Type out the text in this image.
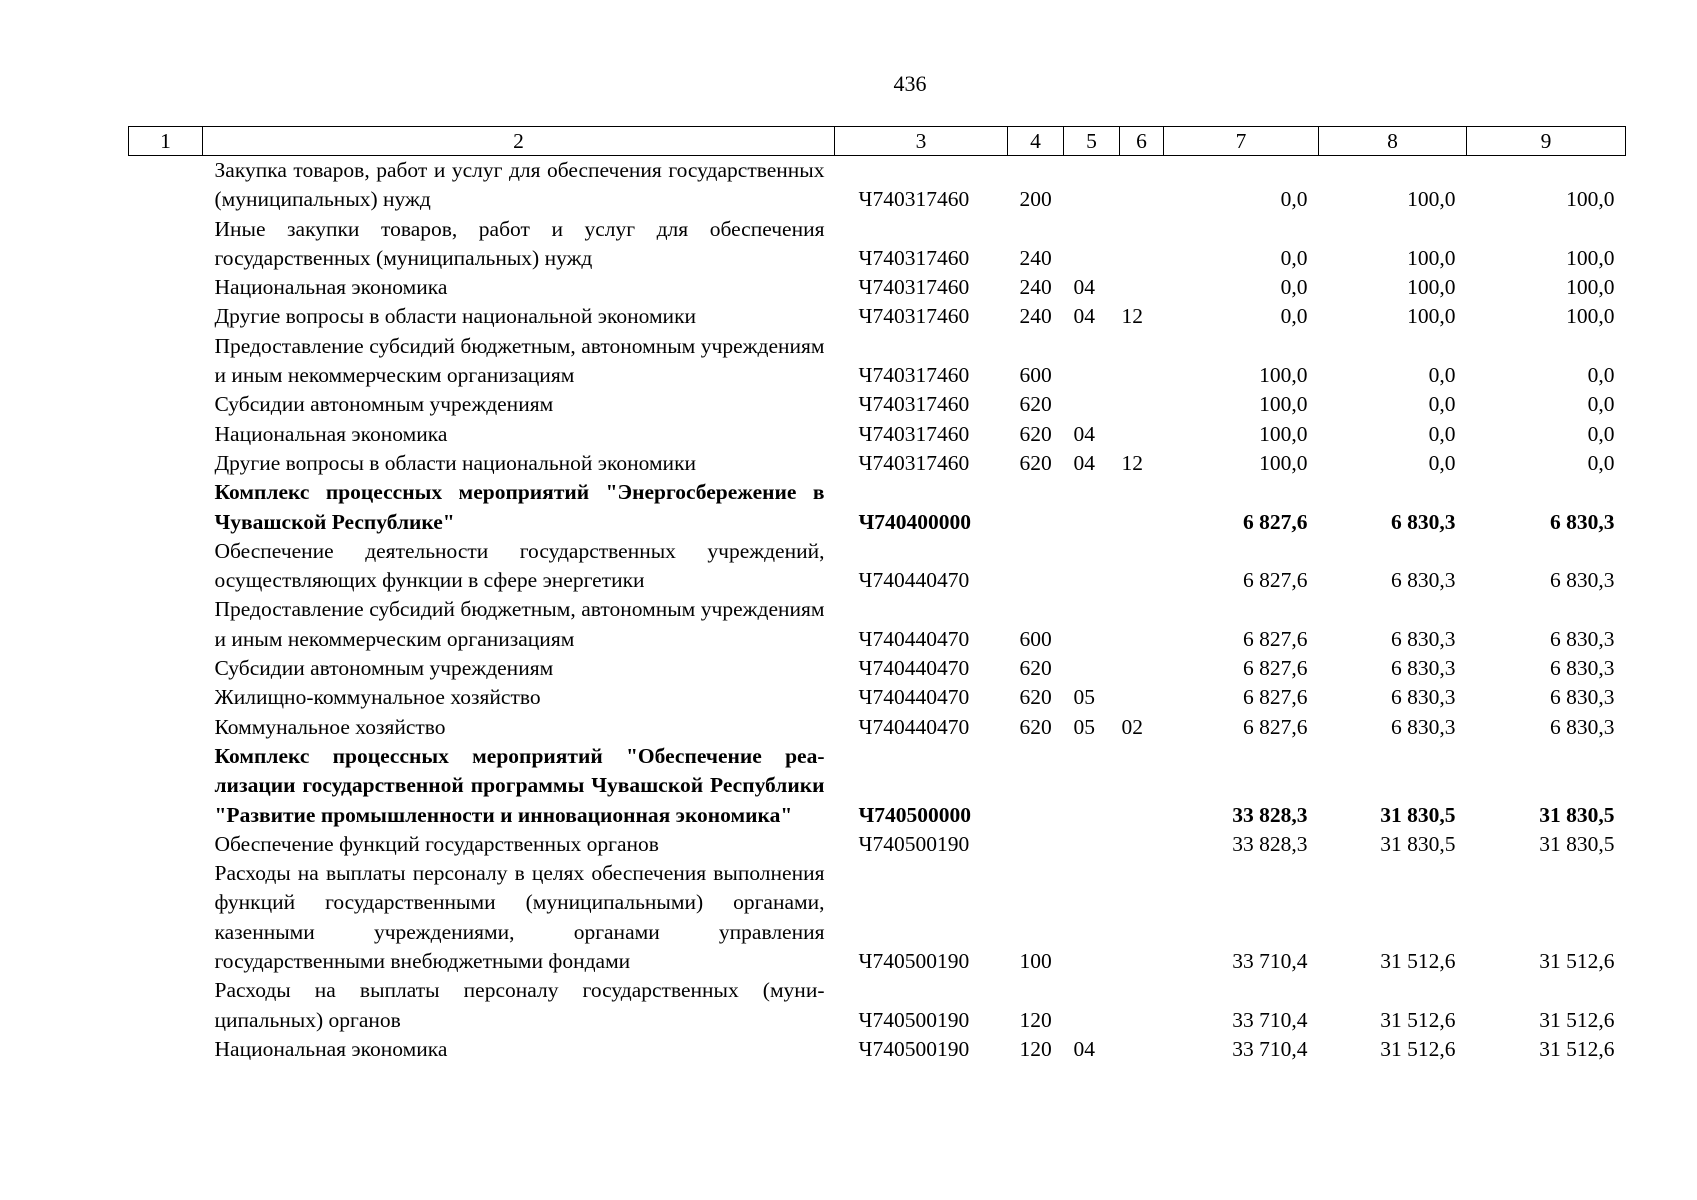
436
1	2	3	4	5	6	7	8	9
	Закупка товаров, работ и услуг для обеспечения государственных (муниципальных) нужд	Ч740317460	200			0,0	100,0	100,0
	Иные закупки товаров, работ и услуг для обеспечения государственных (муниципальных) нужд	Ч740317460	240			0,0	100,0	100,0
	Национальная экономика	Ч740317460	240	04		0,0	100,0	100,0
	Другие вопросы в области национальной экономики	Ч740317460	240	04	12	0,0	100,0	100,0
	Предоставление субсидий бюджетным, автономным учреждениям и иным некоммерческим организациям	Ч740317460	600			100,0	0,0	0,0
	Субсидии автономным учреждениям	Ч740317460	620			100,0	0,0	0,0
	Национальная экономика	Ч740317460	620	04		100,0	0,0	0,0
	Другие вопросы в области национальной экономики	Ч740317460	620	04	12	100,0	0,0	0,0
	Комплекс процессных мероприятий "Энергосбережение в Чувашской Республике"	Ч740400000				6 827,6	6 830,3	6 830,3
	Обеспечение деятельности государственных учреждений, осуществляющих функции в сфере энергетики	Ч740440470				6 827,6	6 830,3	6 830,3
	Предоставление субсидий бюджетным, автономным учреждениям и иным некоммерческим организациям	Ч740440470	600			6 827,6	6 830,3	6 830,3
	Субсидии автономным учреждениям	Ч740440470	620			6 827,6	6 830,3	6 830,3
	Жилищно-коммунальное хозяйство	Ч740440470	620	05		6 827,6	6 830,3	6 830,3
	Коммунальное хозяйство	Ч740440470	620	05	02	6 827,6	6 830,3	6 830,3
	Комплекс процессных мероприятий "Обеспечение реализации государственной программы Чувашской Республики "Развитие промышленности и инновационная экономика"	Ч740500000				33 828,3	31 830,5	31 830,5
	Обеспечение функций государственных органов	Ч740500190				33 828,3	31 830,5	31 830,5
	Расходы на выплаты персоналу в целях обеспечения выполнения функций государственными (муниципальными) органами, казенными учреждениями, органами управления государственными внебюджетными фондами	Ч740500190	100			33 710,4	31 512,6	31 512,6
	Расходы на выплаты персоналу государственных (муниципальных) органов	Ч740500190	120			33 710,4	31 512,6	31 512,6
	Национальная экономика	Ч740500190	120	04		33 710,4	31 512,6	31 512,6
